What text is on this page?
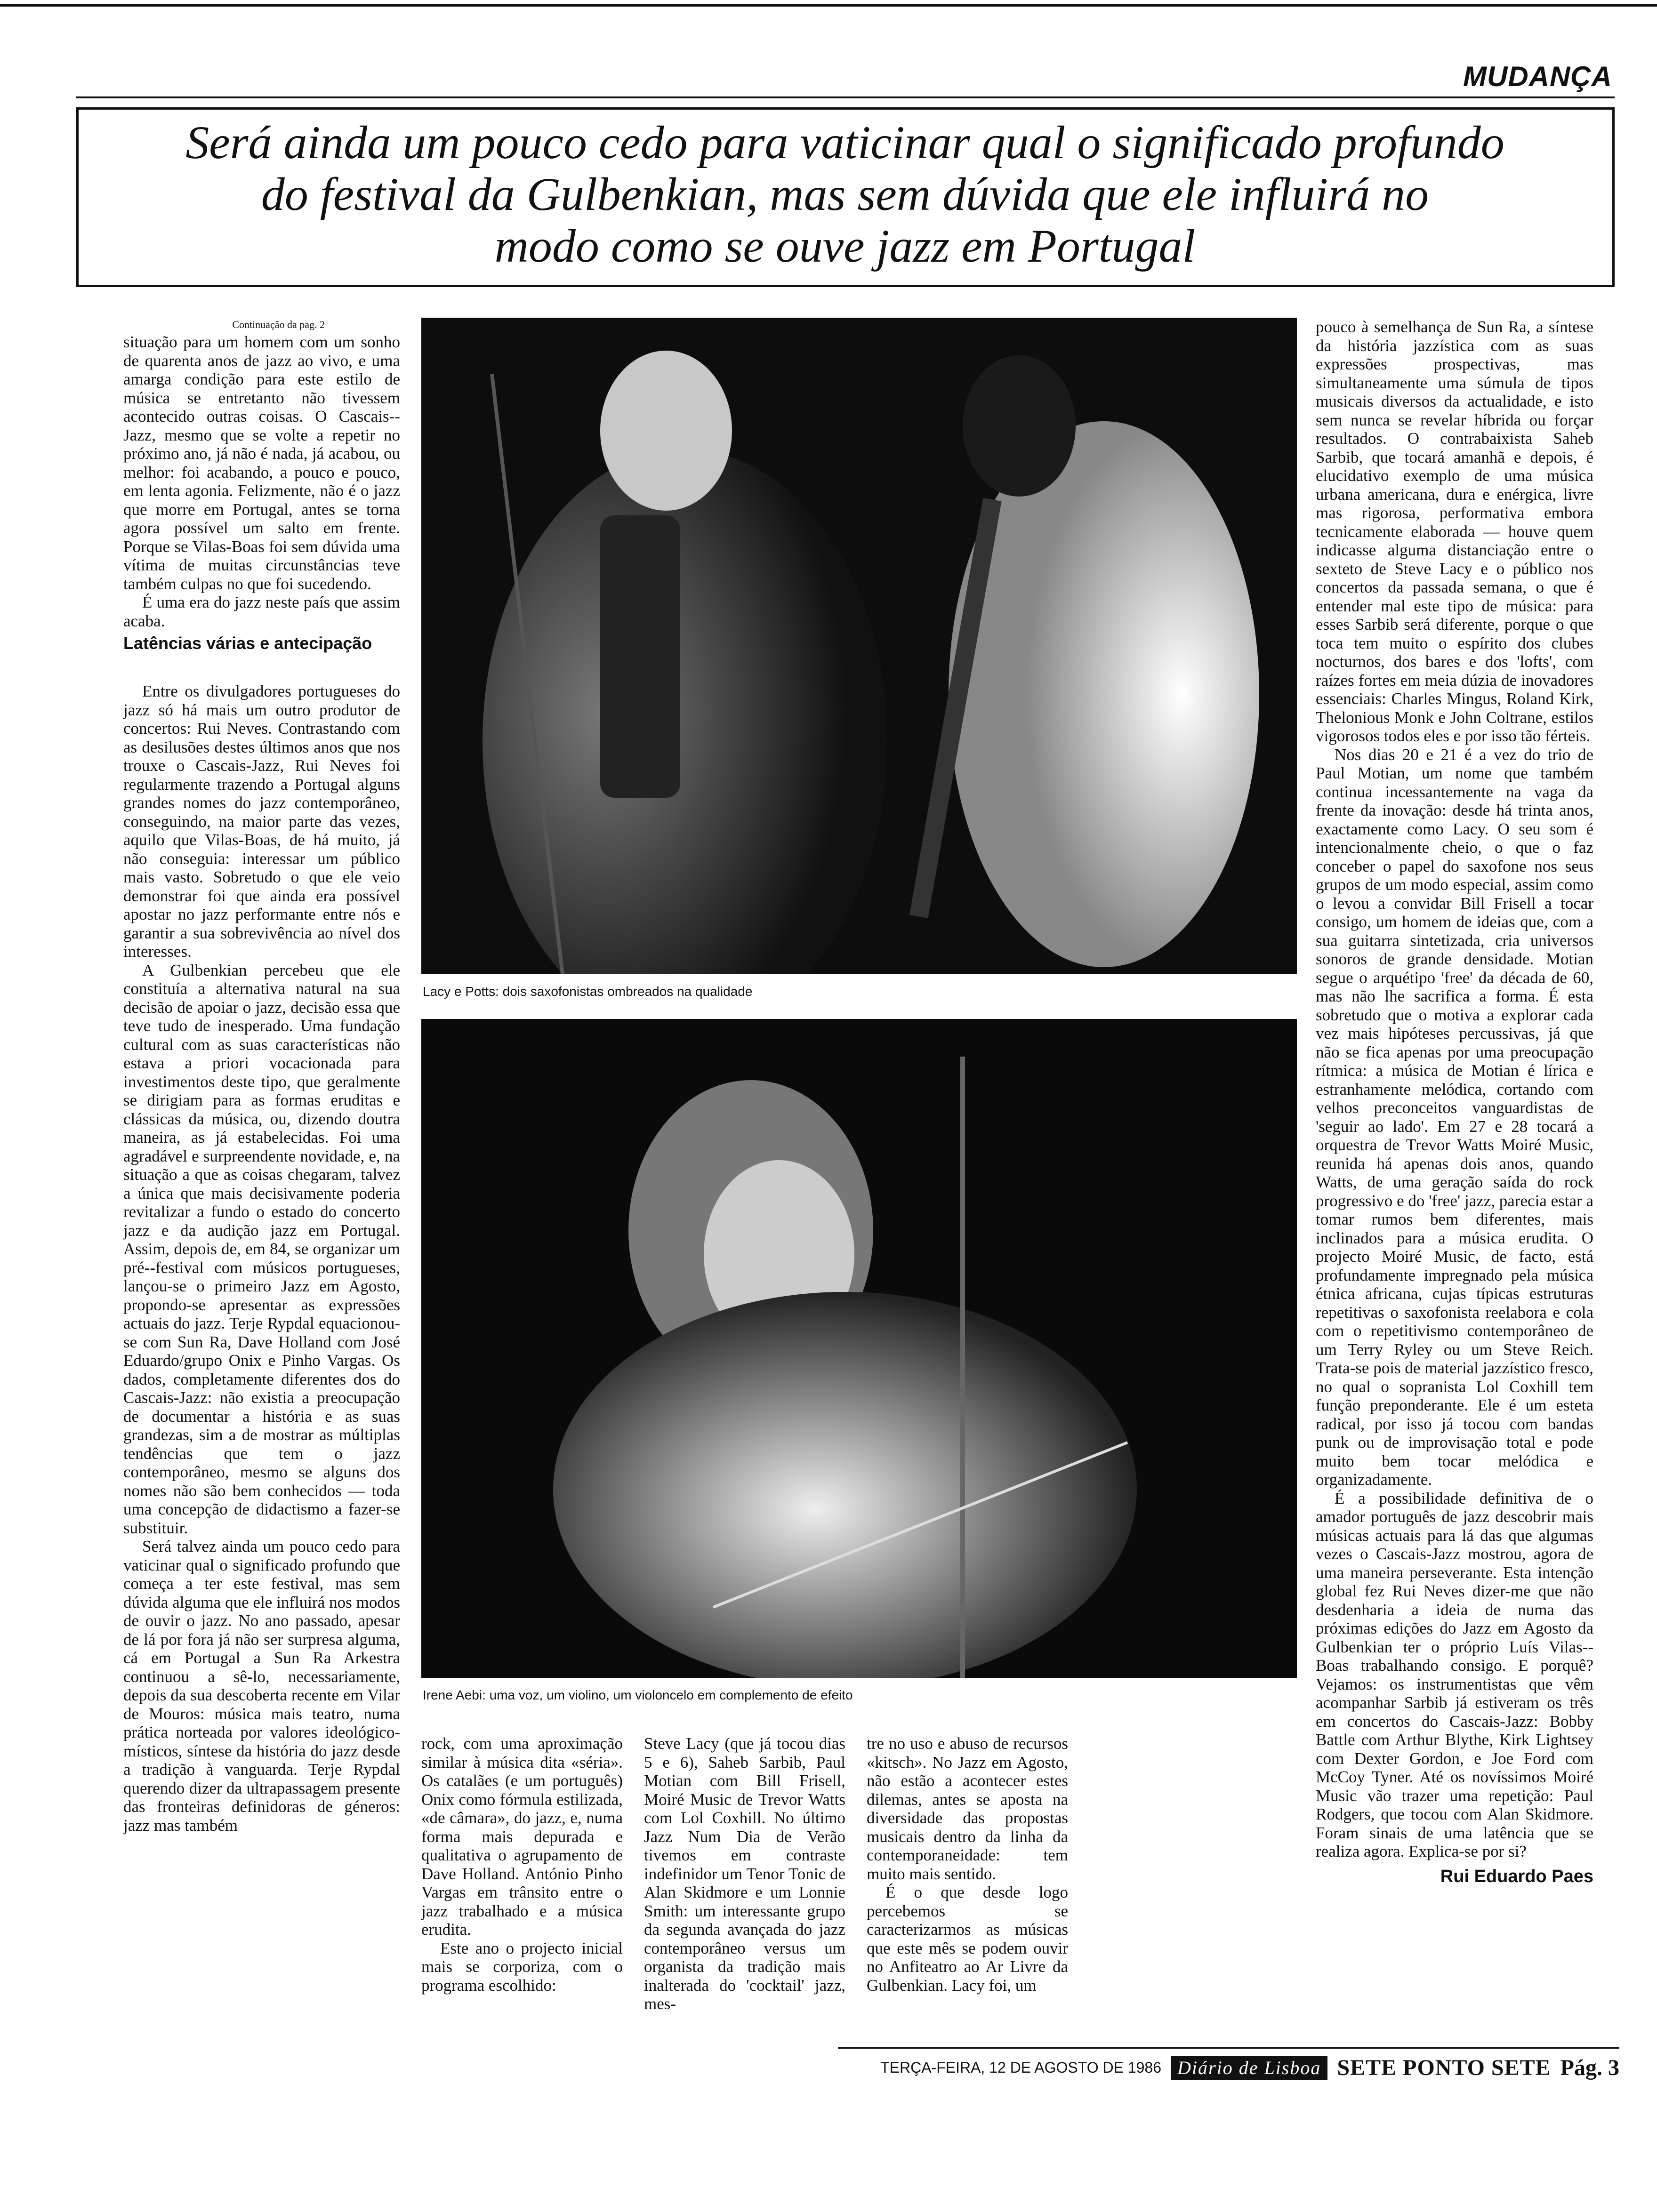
MUDANÇA
Será ainda um pouco cedo para vaticinar qual o significado profundo
do festival da Gulbenkian, mas sem dúvida que ele influirá no
modo como se ouve jazz em Portugal
Continuação da pag. 2

situação para um homem com um sonho de quarenta anos de jazz ao vivo, e uma amarga condição para este estilo de música se entretanto não tivessem acontecido outras coisas. O Cascais--Jazz, mesmo que se volte a repetir no próximo ano, já não é nada, já acabou, ou melhor: foi acabando, a pouco e pouco, em lenta agonia. Felizmente, não é o jazz que morre em Portugal, antes se torna agora possível um salto em frente. Porque se Vilas-Boas foi sem dúvida uma vítima de muitas circunstâncias teve também culpas no que foi sucedendo.

É uma era do jazz neste país que assim acaba.

Latências várias e antecipação

Entre os divulgadores portugueses do jazz só há mais um outro produtor de concertos: Rui Neves. Contrastando com as desilusões destes últimos anos que nos trouxe o Cascais-Jazz, Rui Neves foi regularmente trazendo a Portugal alguns grandes nomes do jazz contemporâneo, conseguindo, na maior parte das vezes, aquilo que Vilas-Boas, de há muito, já não conseguia: interessar um público mais vasto. Sobretudo o que ele veio demonstrar foi que ainda era possível apostar no jazz performante entre nós e garantir a sua sobrevivência ao nível dos interesses.

A Gulbenkian percebeu que ele constituía a alternativa natural na sua decisão de apoiar o jazz, decisão essa que teve tudo de inesperado. Uma fundação cultural com as suas características não estava a priori vocacionada para investimentos deste tipo, que geralmente se dirigiam para as formas eruditas e clássicas da música, ou, dizendo doutra maneira, as já estabelecidas. Foi uma agradável e surpreendente novidade, e, na situação a que as coisas chegaram, talvez a única que mais decisivamente poderia revitalizar a fundo o estado do concerto jazz e da audição jazz em Portugal. Assim, depois de, em 84, se organizar um pré--festival com músicos portugueses, lançou-se o primeiro Jazz em Agosto, propondo-se apresentar as expressões actuais do jazz. Terje Rypdal equacionou-se com Sun Ra, Dave Holland com José Eduardo/grupo Onix e Pinho Vargas. Os dados, completamente diferentes dos do Cascais-Jazz: não existia a preocupação de documentar a história e as suas grandezas, sim a de mostrar as múltiplas tendências que tem o jazz contemporâneo, mesmo se alguns dos nomes não são bem conhecidos — toda uma concepção de didactismo a fazer-se substituir.

Será talvez ainda um pouco cedo para vaticinar qual o significado profundo que começa a ter este festival, mas sem dúvida alguma que ele influirá nos modos de ouvir o jazz. No ano passado, apesar de lá por fora já não ser surpresa alguma, cá em Portugal a Sun Ra Arkestra continuou a sê-lo, necessariamente, depois da sua descoberta recente em Vilar de Mouros: música mais teatro, numa prática norteada por valores ideológico-místicos, síntese da história do jazz desde a tradição à vanguarda. Terje Rypdal querendo dizer da ultrapassagem presente das fronteiras definidoras de géneros: jazz mas também

Lacy e Potts: dois saxofonistas ombreados na qualidade
Irene Aebi: uma voz, um violino, um violoncelo em complemento de efeito

rock, com uma aproximação similar à música dita «séria». Os catalães (e um português) Onix como fórmula estilizada, «de câmara», do jazz, e, numa forma mais depurada e qualitativa o agrupamento de Dave Holland. António Pinho Vargas em trânsito entre o jazz trabalhado e a música erudita.

Este ano o projecto inicial mais se corporiza, com o programa escolhido:

Steve Lacy (que já tocou dias 5 e 6), Saheb Sarbib, Paul Motian com Bill Frisell, Moiré Music de Trevor Watts com Lol Coxhill. No último Jazz Num Dia de Verão tivemos em contraste indefinidor um Tenor Tonic de Alan Skidmore e um Lonnie Smith: um interessante grupo da segunda avançada do jazz contemporâneo versus um organista da tradição mais inalterada do 'cocktail' jazz, mes-

tre no uso e abuso de recursos «kitsch». No Jazz em Agosto, não estão a acontecer estes dilemas, antes se aposta na diversidade das propostas musicais dentro da linha da contemporaneidade: tem muito mais sentido.

É o que desde logo percebemos se caracterizarmos as músicas que este mês se podem ouvir no Anfiteatro ao Ar Livre da Gulbenkian. Lacy foi, um

pouco à semelhança de Sun Ra, a síntese da história jazzística com as suas expressões prospectivas, mas simultaneamente uma súmula de tipos musicais diversos da actualidade, e isto sem nunca se revelar híbrida ou forçar resultados. O contrabaixista Saheb Sarbib, que tocará amanhã e depois, é elucidativo exemplo de uma música urbana americana, dura e enérgica, livre mas rigorosa, performativa embora tecnicamente elaborada — houve quem indicasse alguma distanciação entre o sexteto de Steve Lacy e o público nos concertos da passada semana, o que é entender mal este tipo de música: para esses Sarbib será diferente, porque o que toca tem muito o espírito dos clubes nocturnos, dos bares e dos 'lofts', com raízes fortes em meia dúzia de inovadores essenciais: Charles Mingus, Roland Kirk, Thelonious Monk e John Coltrane, estilos vigorosos todos eles e por isso tão férteis.

Nos dias 20 e 21 é a vez do trio de Paul Motian, um nome que também continua incessantemente na vaga da frente da inovação: desde há trinta anos, exactamente como Lacy. O seu som é intencionalmente cheio, o que o faz conceber o papel do saxofone nos seus grupos de um modo especial, assim como o levou a convidar Bill Frisell a tocar consigo, um homem de ideias que, com a sua guitarra sintetizada, cria universos sonoros de grande densidade. Motian segue o arquétipo 'free' da década de 60, mas não lhe sacrifica a forma. É esta sobretudo que o motiva a explorar cada vez mais hipóteses percussivas, já que não se fica apenas por uma preocupação rítmica: a música de Motian é lírica e estranhamente melódica, cortando com velhos preconceitos vanguardistas de 'seguir ao lado'. Em 27 e 28 tocará a orquestra de Trevor Watts Moiré Music, reunida há apenas dois anos, quando Watts, de uma geração saída do rock progressivo e do 'free' jazz, parecia estar a tomar rumos bem diferentes, mais inclinados para a música erudita. O projecto Moiré Music, de facto, está profundamente impregnado pela música étnica africana, cujas típicas estruturas repetitivas o saxofonista reelabora e cola com o repetitivismo contemporâneo de um Terry Ryley ou um Steve Reich. Trata-se pois de material jazzístico fresco, no qual o sopranista Lol Coxhill tem função preponderante. Ele é um esteta radical, por isso já tocou com bandas punk ou de improvisação total e pode muito bem tocar melódica e organizadamente.

É a possibilidade definitiva de o amador português de jazz descobrir mais músicas actuais para lá das que algumas vezes o Cascais-Jazz mostrou, agora de uma maneira perseverante. Esta intenção global fez Rui Neves dizer-me que não desdenharia a ideia de numa das próximas edições do Jazz em Agosto da Gulbenkian ter o próprio Luís Vilas--Boas trabalhando consigo. E porquê? Vejamos: os instrumentistas que vêm acompanhar Sarbib já estiveram os três em concertos do Cascais-Jazz: Bobby Battle com Arthur Blythe, Kirk Lightsey com Dexter Gordon, e Joe Ford com McCoy Tyner. Até os novíssimos Moiré Music vão trazer uma repetição: Paul Rodgers, que tocou com Alan Skidmore. Foram sinais de uma latência que se realiza agora. Explica-se por si?

Rui Eduardo Paes
TERÇA-FEIRA, 12 DE AGOSTO DE 1986 Diário de Lisboa SETE PONTO SETE Pág. 3
